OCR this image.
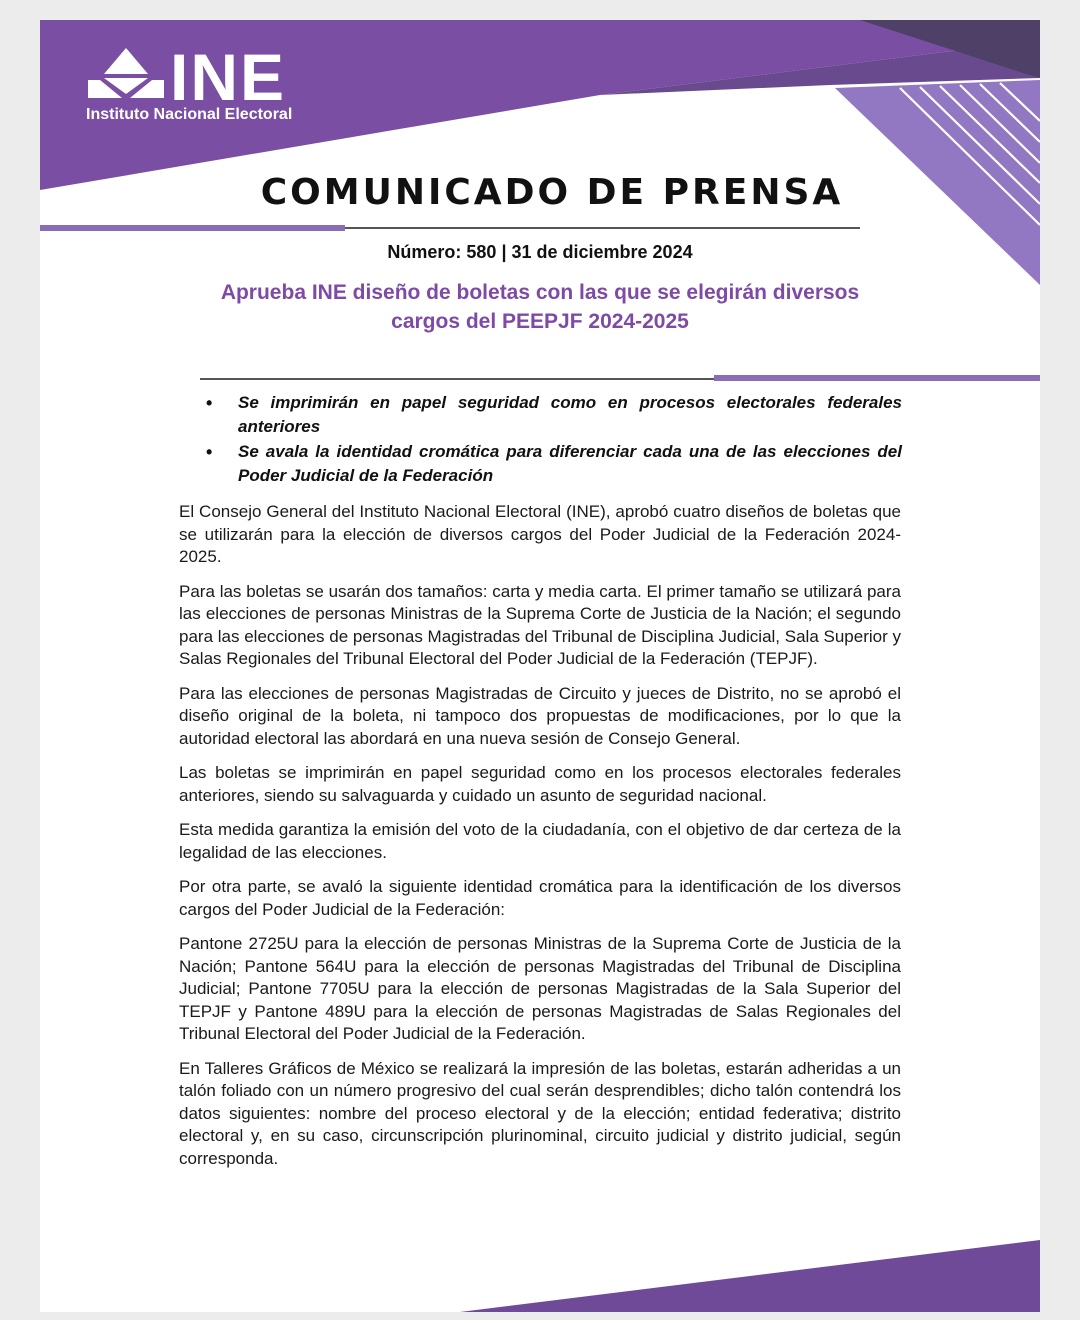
INE
Instituto Nacional Electoral
COMUNICADO DE PRENSA
Número: 580 | 31 de diciembre 2024
Aprueba INE diseño de boletas con las que se elegirán diversos
cargos del PEEPJF 2024-2025
• Se imprimirán en papel seguridad como en procesos electorales federales anteriores
• Se avala la identidad cromática para diferenciar cada una de las elecciones del Poder Judicial de la Federación

El Consejo General del Instituto Nacional Electoral (INE), aprobó cuatro diseños de boletas que se utilizarán para la elección de diversos cargos del Poder Judicial de la Federación 2024-2025.

Para las boletas se usarán dos tamaños: carta y media carta. El primer tamaño se utilizará para las elecciones de personas Ministras de la Suprema Corte de Justicia de la Nación; el segundo para las elecciones de personas Magistradas del Tribunal de Disciplina Judicial, Sala Superior y Salas Regionales del Tribunal Electoral del Poder Judicial de la Federación (TEPJF).

Para las elecciones de personas Magistradas de Circuito y jueces de Distrito, no se aprobó el diseño original de la boleta, ni tampoco dos propuestas de modificaciones, por lo que la autoridad electoral las abordará en una nueva sesión de Consejo General.

Las boletas se imprimirán en papel seguridad como en los procesos electorales federales anteriores, siendo su salvaguarda y cuidado un asunto de seguridad nacional.

Esta medida garantiza la emisión del voto de la ciudadanía, con el objetivo de dar certeza de la legalidad de las elecciones.

Por otra parte, se avaló la siguiente identidad cromática para la identificación de los diversos cargos del Poder Judicial de la Federación:

Pantone 2725U para la elección de personas Ministras de la Suprema Corte de Justicia de la Nación; Pantone 564U para la elección de personas Magistradas del Tribunal de Disciplina Judicial; Pantone 7705U para la elección de personas Magistradas de la Sala Superior del TEPJF y Pantone 489U para la elección de personas Magistradas de Salas Regionales del Tribunal Electoral del Poder Judicial de la Federación.

En Talleres Gráficos de México se realizará la impresión de las boletas, estarán adheridas a un talón foliado con un número progresivo del cual serán desprendibles; dicho talón contendrá los datos siguientes: nombre del proceso electoral y de la elección; entidad federativa; distrito electoral y, en su caso, circunscripción plurinominal, circuito judicial y distrito judicial, según corresponda.
